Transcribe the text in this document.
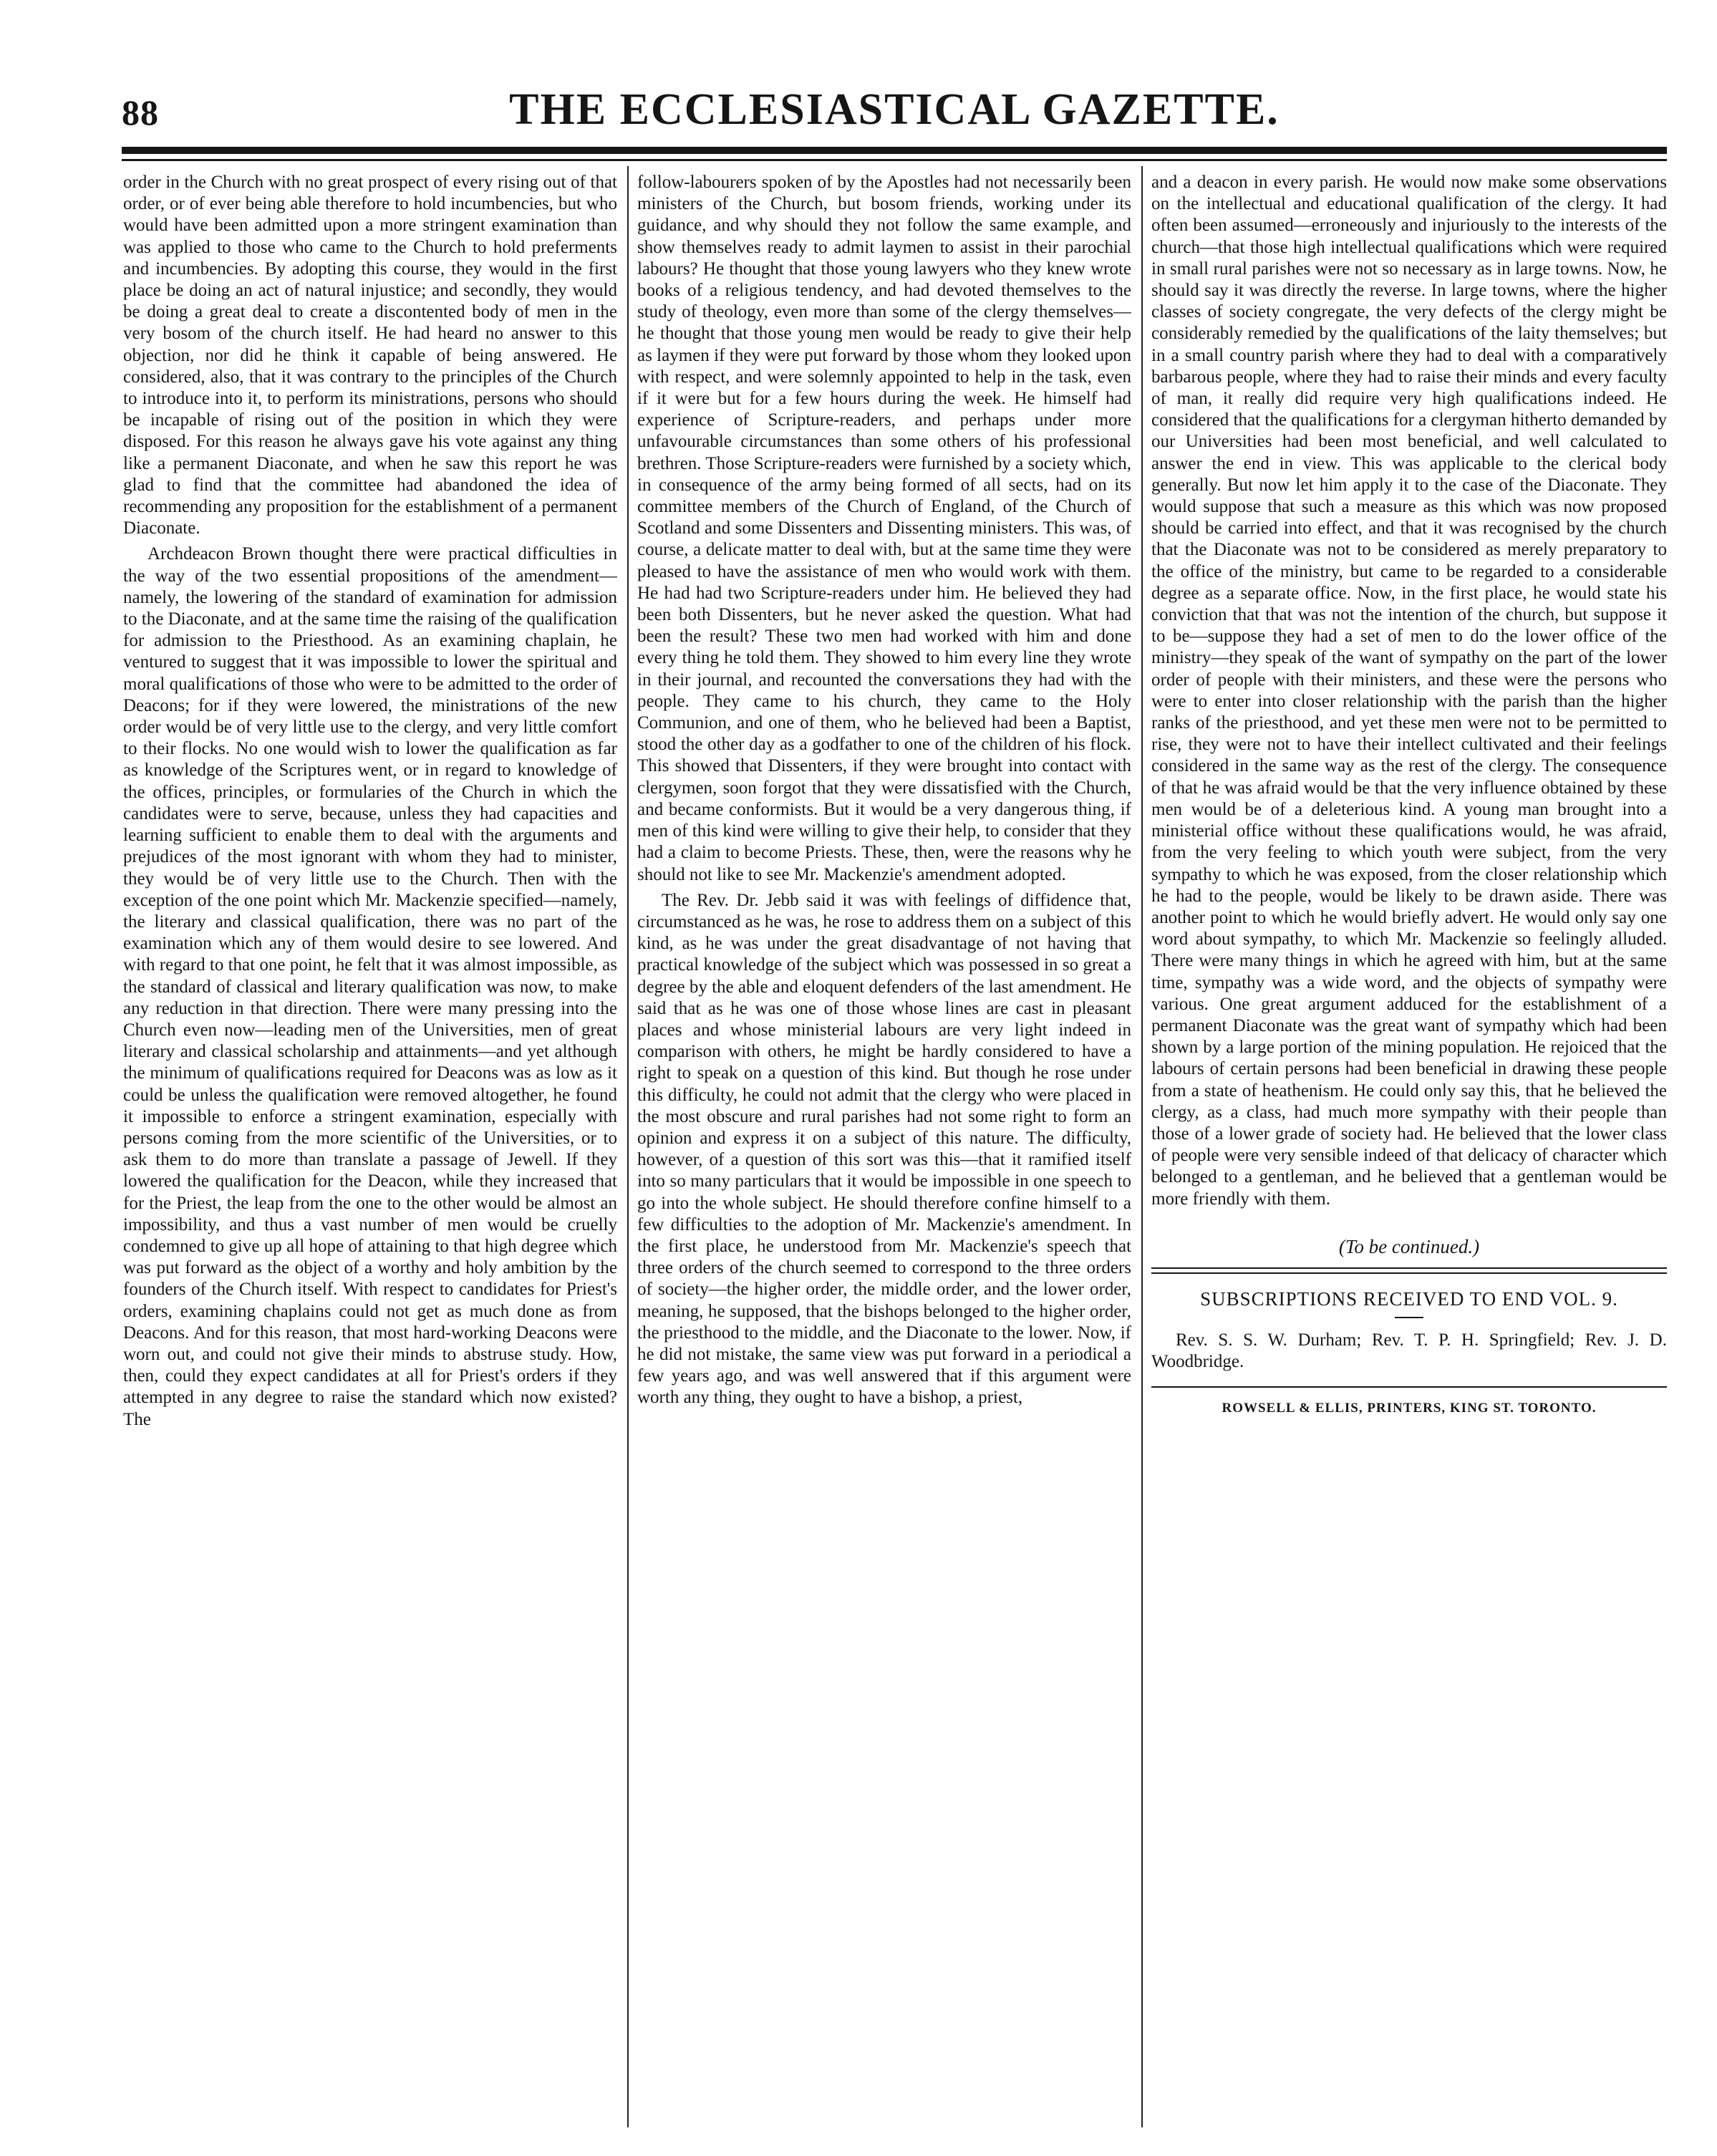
88	THE ECCLESIASTICAL GAZETTE.

order in the Church with no great prospect of every rising out of that order, or of ever being able therefore to hold incumbencies, but who would have been admitted upon a more stringent examination than was applied to those who came to the Church to hold preferments and incumbencies. By adopting this course, they would in the first place be doing an act of natural injustice; and secondly, they would be doing a great deal to create a discontented body of men in the very bosom of the church itself. He had heard no answer to this objection, nor did he think it capable of being answered. He considered, also, that it was contrary to the principles of the Church to introduce into it, to perform its ministrations, persons who should be incapable of rising out of the position in which they were disposed. For this reason he always gave his vote against any thing like a permanent Diaconate, and when he saw this report he was glad to find that the committee had abandoned the idea of recommending any proposition for the establishment of a permanent Diaconate.

Archdeacon Brown thought there were practical difficulties in the way of the two essential propositions of the amendment—namely, the lowering of the standard of examination for admission to the Diaconate, and at the same time the raising of the qualification for admission to the Priesthood. As an examining chaplain, he ventured to suggest that it was impossible to lower the spiritual and moral qualifications of those who were to be admitted to the order of Deacons; for if they were lowered, the ministrations of the new order would be of very little use to the clergy, and very little comfort to their flocks. No one would wish to lower the qualification as far as knowledge of the Scriptures went, or in regard to knowledge of the offices, principles, or formularies of the Church in which the candidates were to serve, because, unless they had capacities and learning sufficient to enable them to deal with the arguments and prejudices of the most ignorant with whom they had to minister, they would be of very little use to the Church. Then with the exception of the one point which Mr. Mackenzie specified—namely, the literary and classical qualification, there was no part of the examination which any of them would desire to see lowered. And with regard to that one point, he felt that it was almost impossible, as the standard of classical and literary qualification was now, to make any reduction in that direction. There were many pressing into the Church even now—leading men of the Universities, men of great literary and classical scholarship and attainments—and yet although the minimum of qualifications required for Deacons was as low as it could be unless the qualification were removed altogether, he found it impossible to enforce a stringent examination, especially with persons coming from the more scientific of the Universities, or to ask them to do more than translate a passage of Jewell. If they lowered the qualification for the Deacon, while they increased that for the Priest, the leap from the one to the other would be almost an impossibility, and thus a vast number of men would be cruelly condemned to give up all hope of attaining to that high degree which was put forward as the object of a worthy and holy ambition by the founders of the Church itself. With respect to candidates for Priest's orders, examining chaplains could not get as much done as from Deacons. And for this reason, that most hard-working Deacons were worn out, and could not give their minds to abstruse study. How, then, could they expect candidates at all for Priest's orders if they attempted in any degree to raise the standard which now existed? The

follow-labourers spoken of by the Apostles had not necessarily been ministers of the Church, but bosom friends, working under its guidance, and why should they not follow the same example, and show themselves ready to admit laymen to assist in their parochial labours? He thought that those young lawyers who they knew wrote books of a religious tendency, and had devoted themselves to the study of theology, even more than some of the clergy themselves—he thought that those young men would be ready to give their help as laymen if they were put forward by those whom they looked upon with respect, and were solemnly appointed to help in the task, even if it were but for a few hours during the week. He himself had experience of Scripture-readers, and perhaps under more unfavourable circumstances than some others of his professional brethren. Those Scripture-readers were furnished by a society which, in consequence of the army being formed of all sects, had on its committee members of the Church of England, of the Church of Scotland and some Dissenters and Dissenting ministers. This was, of course, a delicate matter to deal with, but at the same time they were pleased to have the assistance of men who would work with them. He had had two Scripture-readers under him. He believed they had been both Dissenters, but he never asked the question. What had been the result? These two men had worked with him and done every thing he told them. They showed to him every line they wrote in their journal, and recounted the conversations they had with the people. They came to his church, they came to the Holy Communion, and one of them, who he believed had been a Baptist, stood the other day as a godfather to one of the children of his flock. This showed that Dissenters, if they were brought into contact with clergymen, soon forgot that they were dissatisfied with the Church, and became conformists. But it would be a very dangerous thing, if men of this kind were willing to give their help, to consider that they had a claim to become Priests. These, then, were the reasons why he should not like to see Mr. Mackenzie's amendment adopted.

The Rev. Dr. Jebb said it was with feelings of diffidence that, circumstanced as he was, he rose to address them on a subject of this kind, as he was under the great disadvantage of not having that practical knowledge of the subject which was possessed in so great a degree by the able and eloquent defenders of the last amendment. He said that as he was one of those whose lines are cast in pleasant places and whose ministerial labours are very light indeed in comparison with others, he might be hardly considered to have a right to speak on a question of this kind. But though he rose under this difficulty, he could not admit that the clergy who were placed in the most obscure and rural parishes had not some right to form an opinion and express it on a subject of this nature. The difficulty, however, of a question of this sort was this—that it ramified itself into so many particulars that it would be impossible in one speech to go into the whole subject. He should therefore confine himself to a few difficulties to the adoption of Mr. Mackenzie's amendment. In the first place, he understood from Mr. Mackenzie's speech that three orders of the church seemed to correspond to the three orders of society—the higher order, the middle order, and the lower order, meaning, he supposed, that the bishops belonged to the higher order, the priesthood to the middle, and the Diaconate to the lower. Now, if he did not mistake, the same view was put forward in a periodical a few years ago, and was well answered that if this argument were worth any thing, they ought to have a bishop, a priest,

and a deacon in every parish. He would now make some observations on the intellectual and educational qualification of the clergy. It had often been assumed—erroneously and injuriously to the interests of the church—that those high intellectual qualifications which were required in small rural parishes were not so necessary as in large towns. Now, he should say it was directly the reverse. In large towns, where the higher classes of society congregate, the very defects of the clergy might be considerably remedied by the qualifications of the laity themselves; but in a small country parish where they had to deal with a comparatively barbarous people, where they had to raise their minds and every faculty of man, it really did require very high qualifications indeed. He considered that the qualifications for a clergyman hitherto demanded by our Universities had been most beneficial, and well calculated to answer the end in view. This was applicable to the clerical body generally. But now let him apply it to the case of the Diaconate. They would suppose that such a measure as this which was now proposed should be carried into effect, and that it was recognised by the church that the Diaconate was not to be considered as merely preparatory to the office of the ministry, but came to be regarded to a considerable degree as a separate office. Now, in the first place, he would state his conviction that that was not the intention of the church, but suppose it to be—suppose they had a set of men to do the lower office of the ministry—they speak of the want of sympathy on the part of the lower order of people with their ministers, and these were the persons who were to enter into closer relationship with the parish than the higher ranks of the priesthood, and yet these men were not to be permitted to rise, they were not to have their intellect cultivated and their feelings considered in the same way as the rest of the clergy. The consequence of that he was afraid would be that the very influence obtained by these men would be of a deleterious kind. A young man brought into a ministerial office without these qualifications would, he was afraid, from the very feeling to which youth were subject, from the very sympathy to which he was exposed, from the closer relationship which he had to the people, would be likely to be drawn aside. There was another point to which he would briefly advert. He would only say one word about sympathy, to which Mr. Mackenzie so feelingly alluded. There were many things in which he agreed with him, but at the same time, sympathy was a wide word, and the objects of sympathy were various. One great argument adduced for the establishment of a permanent Diaconate was the great want of sympathy which had been shown by a large portion of the mining population. He rejoiced that the labours of certain persons had been beneficial in drawing these people from a state of heathenism. He could only say this, that he believed the clergy, as a class, had much more sympathy with their people than those of a lower grade of society had. He believed that the lower class of people were very sensible indeed of that delicacy of character which belonged to a gentleman, and he believed that a gentleman would be more friendly with them.

(To be continued.)
SUBSCRIPTIONS RECEIVED TO END VOL. 9.

Rev. S. S. W. Durham; Rev. T. P. H. Springfield; Rev. J. D. Woodbridge.

ROWSELL & ELLIS, PRINTERS, KING ST. TORONTO.
